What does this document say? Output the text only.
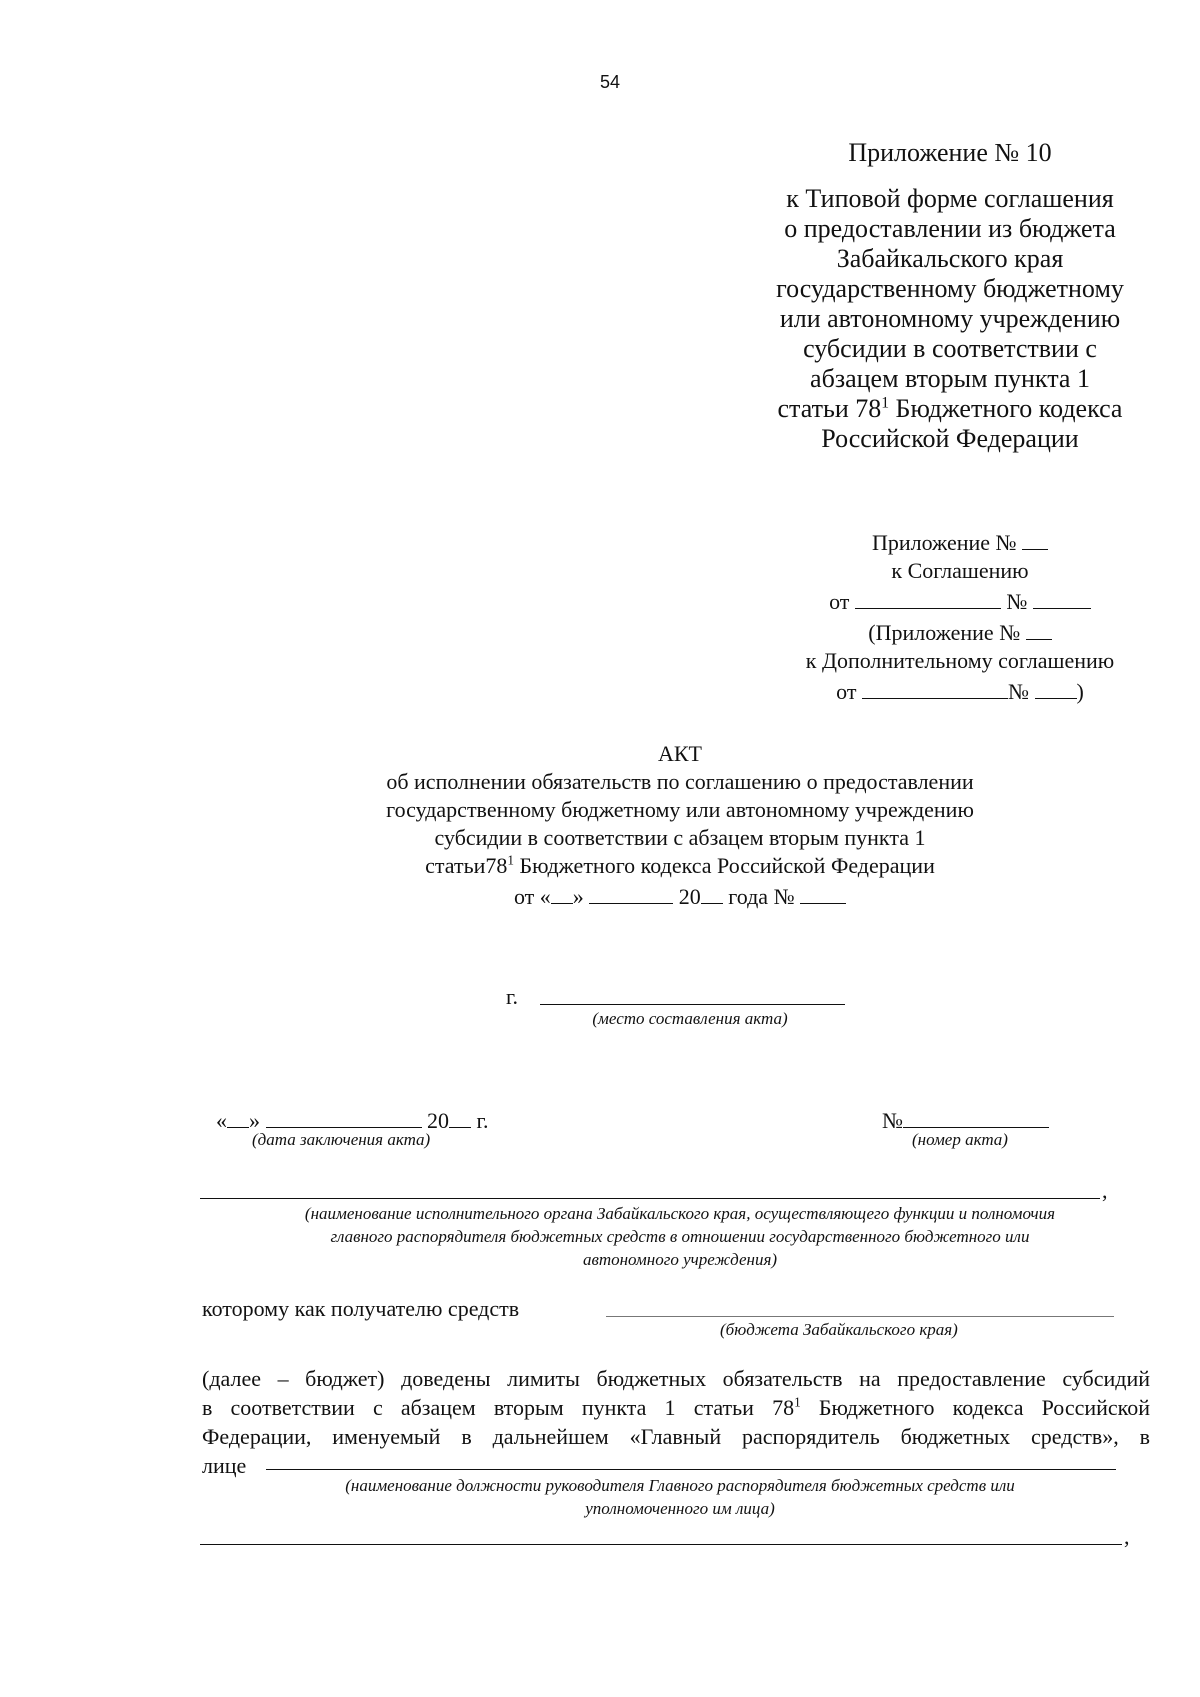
54
Приложение № 10
к Типовой форме соглашения
о предоставлении из бюджета
Забайкальского края
государственному бюджетному
или автономному учреждению
субсидии в соответствии с
абзацем вторым пункта 1
статьи $78^1$ Бюджетного кодекса
Российской Федерации
Приложение №
к Соглашению
от	№
(Приложение №
к Дополнительному соглашению
от	№ )
АКТ
об исполнении обязательств по соглашению о предоставлении
государственному бюджетному или автономному учреждению
субсидии в соответствии с абзацем вторым пункта 1
$статьи78^1$ Бюджетного кодекса Российской Федерации
от « »	20 года №
г.
(место составления акта)
« »	20 г.
(дата заключения акта)
№
(номер акта)
,
(наименование исполнительного органа Забайкальского края, осуществляющего функции и полномочия
главного распорядителя бюджетных средств в отношении государственного бюджетного или
автономного учреждения)
которому как получателю средств
(бюджета Забайкальского края)
(далее – бюджет) доведены лимиты бюджетных обязательств на предоставление субсидий
в соответствии с абзацем вторым пункта 1 статьи $78^1$ Бюджетного кодекса Российской
Федерации, именуемый в дальнейшем «Главный распорядитель бюджетных средств», в
лице
(наименование должности руководителя Главного распорядителя бюджетных средств или
уполномоченного им лица)
,
